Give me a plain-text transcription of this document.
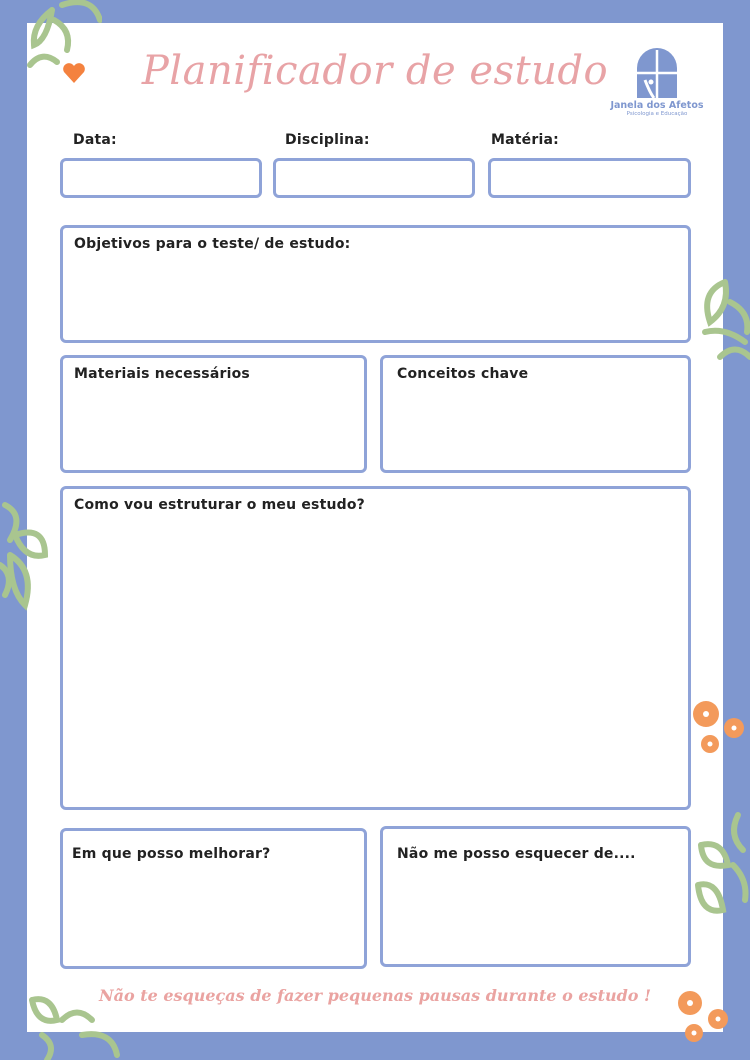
Planificador de estudo
Janela dos Afetos
Psicologia e Educação
Data:	Disciplina:	Matéria:
Objetivos para o teste/ de estudo:
Materiais necessários	Conceitos chave
Como vou estruturar o meu estudo?
Em que posso melhorar?	Não me posso esquecer de....
Não te esqueças de fazer pequenas pausas durante o estudo !
